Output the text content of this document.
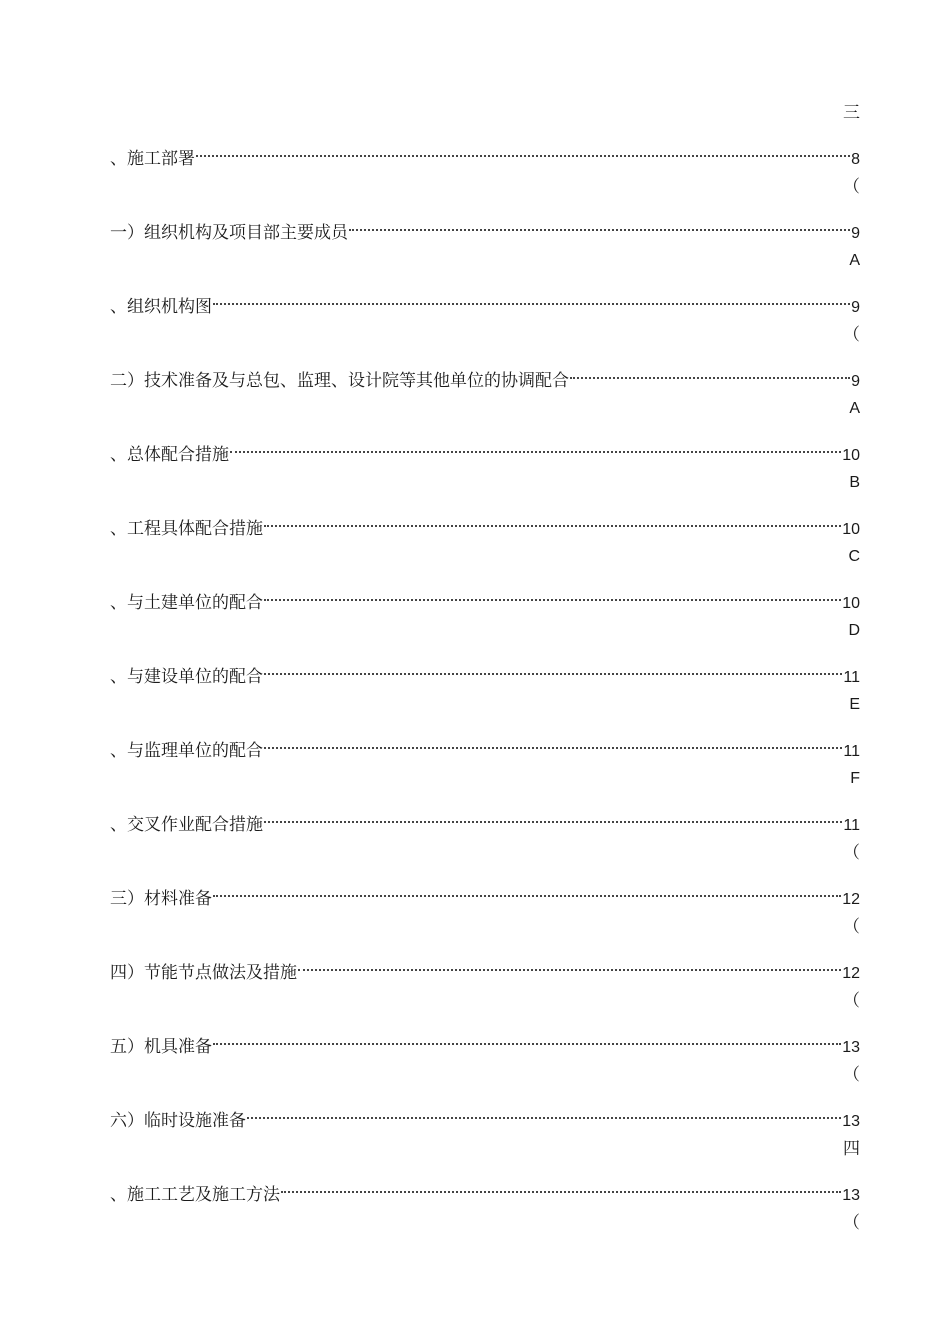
三
、施工部署	8
（
一）组织机构及项目部主要成员	9
A
、组织机构图	9
（
二）技术准备及与总包、监理、设计院等其他单位的协调配合	9
A
、总体配合措施	10
B
、工程具体配合措施	10
C
、与土建单位的配合	10
D
、与建设单位的配合	11
E
、与监理单位的配合	11
F
、交叉作业配合措施	11
（
三）材料准备	12
（
四）节能节点做法及措施	12
（
五）机具准备	13
（
六）临时设施准备	13
四
、施工工艺及施工方法	13
（
